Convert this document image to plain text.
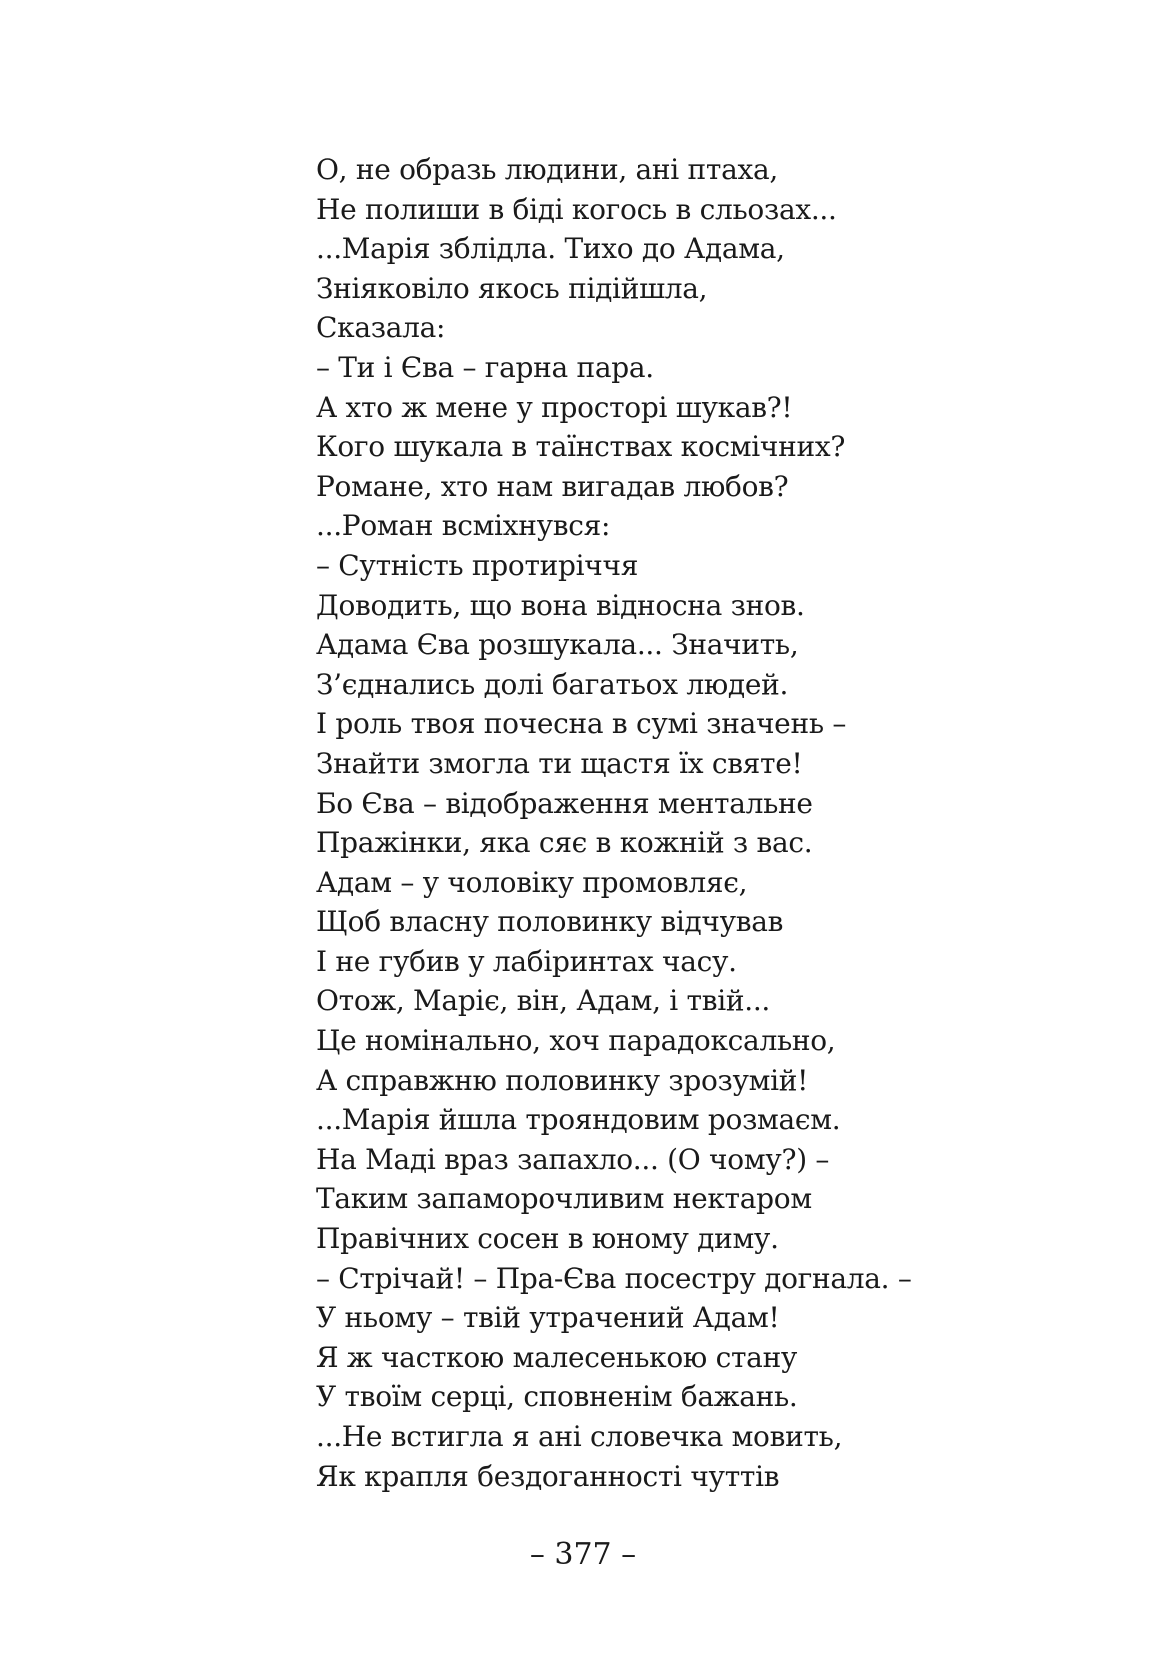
О, не образь людини, ані птаха,
Не полиши в біді когось в сльозах...
...Марія зблідла. Тихо до Адама,
Зніяковіло якось підійшла,
Сказала:
– Ти і Єва – гарна пара.
А хто ж мене у просторі шукав?!
Кого шукала в таїнствах космічних?
Романе, хто нам вигадав любов?
...Роман всміхнувся:
– Сутність протиріччя
Доводить, що вона відносна знов.
Адама Єва розшукала... Значить,
З’єднались долі багатьох людей.
І роль твоя почесна в сумі значень –
Знайти змогла ти щастя їх святе!
Бо Єва – відображення ментальне
Пражінки, яка сяє в кожній з вас.
Адам – у чоловіку промовляє,
Щоб власну половинку відчував
І не губив у лабіринтах часу.
Отож, Маріє, він, Адам, і твій...
Це номінально, хоч парадоксально,
А справжню половинку зрозумій!
...Марія йшла трояндовим розмаєм.
На Маді враз запахло... (О чому?) –
Таким запаморочливим нектаром
Правічних сосен в юному диму.
– Стрічай! – Пра-Єва посестру догнала. –
У ньому – твій утрачений Адам!
Я ж часткою малесенькою стану
У твоїм серці, сповненім бажань.
...Не встигла я ані словечка мовить,
Як крапля бездоганності чуттів
– 377 –
